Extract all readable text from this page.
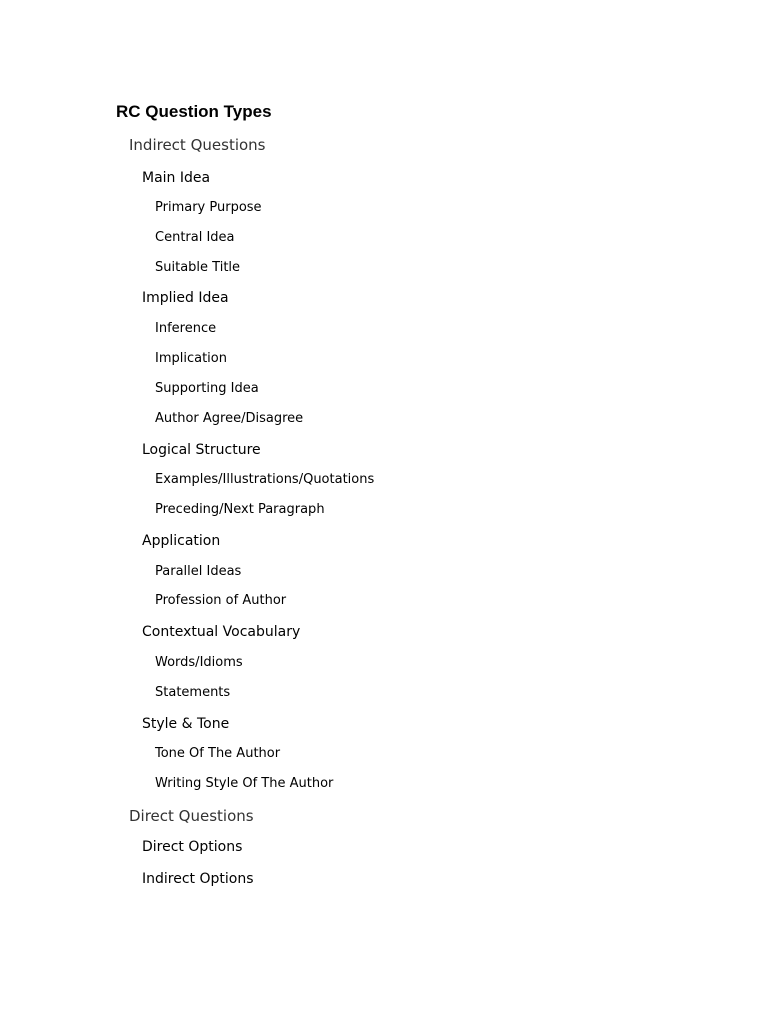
RC Question Types
Indirect Questions
Main Idea
Primary Purpose
Central Idea
Suitable Title
Implied Idea
Inference
Implication
Supporting Idea
Author Agree/Disagree
Logical Structure
Examples/Illustrations/Quotations
Preceding/Next Paragraph
Application
Parallel Ideas
Profession of Author
Contextual Vocabulary
Words/Idioms
Statements
Style & Tone
Tone Of The Author
Writing Style Of The Author
Direct Questions
Direct Options
Indirect Options
